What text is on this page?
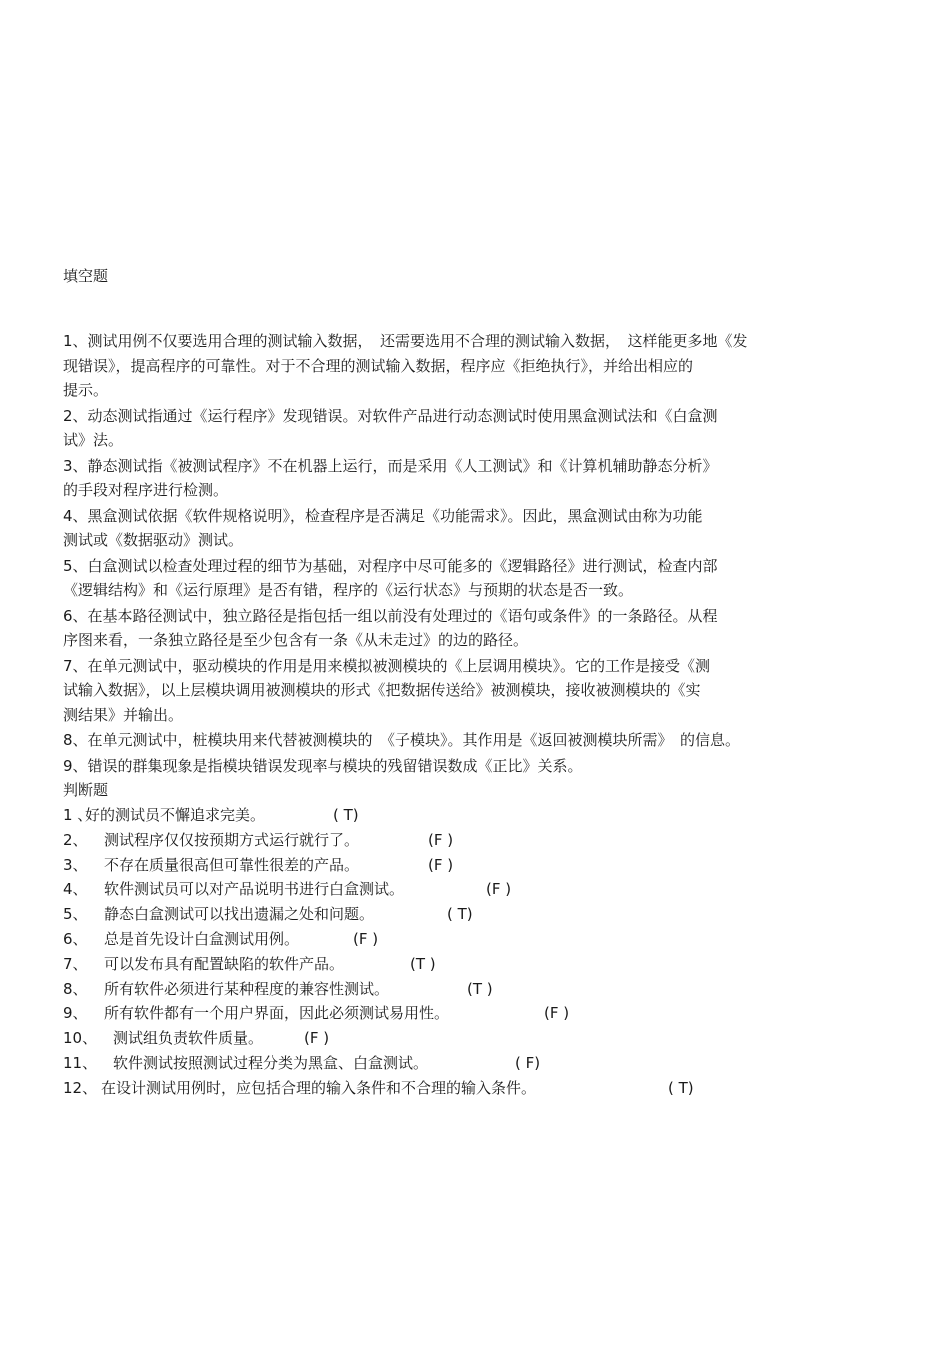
填空题
1、测试用例不仅要选用合理的测试输入数据，　还需要选用不合理的测试输入数据，　这样能更多地《发
现错误》，提高程序的可靠性。对于不合理的测试输入数据，程序应《拒绝执行》，并给出相应的
提示。
2、动态测试指通过《运行程序》发现错误。对软件产品进行动态测试时使用黑盒测试法和《白盒测
试》法。
3、静态测试指《被测试程序》不在机器上运行，而是采用《人工测试》和《计算机辅助静态分析》
的手段对程序进行检测。
4、黑盒测试依据《软件规格说明》，检查程序是否满足《功能需求》。因此，黑盒测试由称为功能
测试或《数据驱动》测试。
5、白盒测试以检查处理过程的细节为基础，对程序中尽可能多的《逻辑路径》进行测试，检查内部
《逻辑结构》和《运行原理》是否有错，程序的《运行状态》与预期的状态是否一致。
6、在基本路径测试中，独立路径是指包括一组以前没有处理过的《语句或条件》的一条路径。从程
序图来看，一条独立路径是至少包含有一条《从未走过》的边的路径。
7、在单元测试中，驱动模块的作用是用来模拟被测模块的《上层调用模块》。它的工作是接受《测
试输入数据》，以上层模块调用被测模块的形式《把数据传送给》被测模块，接收被测模块的《实
测结果》并输出。
8、在单元测试中，桩模块用来代替被测模块的　《子模块》。其作用是《返回被测模块所需》　的信息。
9、错误的群集现象是指模块错误发现率与模块的残留错误数成《正比》关系。
判断题
1 、
好的测试员不懈追求完美。	( T)
2、 测试程序仅仅按预期方式运行就行了。	(F )
3、 不存在质量很高但可靠性很差的产品。	(F )
4、 软件测试员可以对产品说明书进行白盒测试。	(F )
5、 静态白盒测试可以找出遗漏之处和问题。	( T)
6、 总是首先设计白盒测试用例。	(F )
7、 可以发布具有配置缺陷的软件产品。	(T )
8、 所有软件必须进行某种程度的兼容性测试。	(T )
9、 所有软件都有一个用户界面，因此必须测试易用性。	(F )
10、 测试组负责软件质量。	(F )
11、 软件测试按照测试过程分类为黑盒、白盒测试。	( F)
12、 在设计测试用例时，应包括合理的输入条件和不合理的输入条件。	( T)
